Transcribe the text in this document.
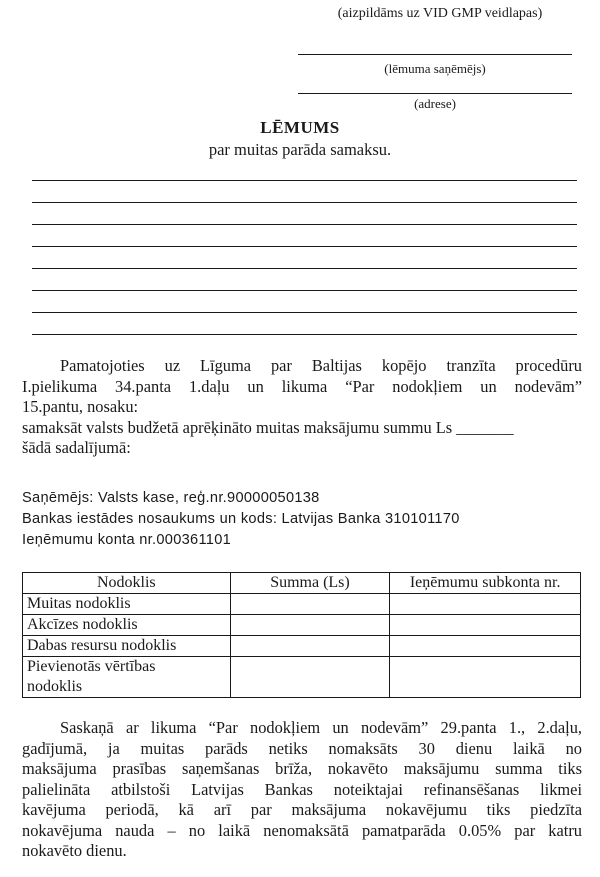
(aizpildāms uz VID GMP veidlapas)
(lēmuma saņēmējs)
(adrese)
LĒMUMS
par muitas parāda samaksu.
Pamatojoties uz Līguma par Baltijas kopējo tranzīta procedūru
I.pielikuma 34.panta 1.daļu un likuma “Par nodokļiem un nodevām”
15.pantu, nosaku:
samaksāt valsts budžetā aprēķināto muitas maksājumu summu Ls _______
šādā sadalījumā:
Saņēmējs: Valsts kase, reģ.nr.90000050138
Bankas iestādes nosaukums un kods: Latvijas Banka 310101170
Ieņēmumu konta nr.000361101
Nodoklis	Summa (Ls)	Ieņēmumu subkonta nr.
Muitas nodoklis		
Akcīzes nodoklis		
Dabas resursu nodoklis		

Pievienotās vērtības
nodoklis		

Saskaņā ar likuma “Par nodokļiem un nodevām” 29.panta 1., 2.daļu,
gadījumā, ja muitas parāds netiks nomaksāts 30 dienu laikā no
maksājuma prasības saņemšanas brīža, nokavēto maksājumu summa tiks
palielināta atbilstoši Latvijas Bankas noteiktajai refinansēšanas likmei
kavējuma periodā, kā arī par maksājuma nokavējumu tiks piedzīta
nokavējuma nauda – no laikā nenomaksātā pamatparāda 0.05% par katru
nokavēto dienu.
